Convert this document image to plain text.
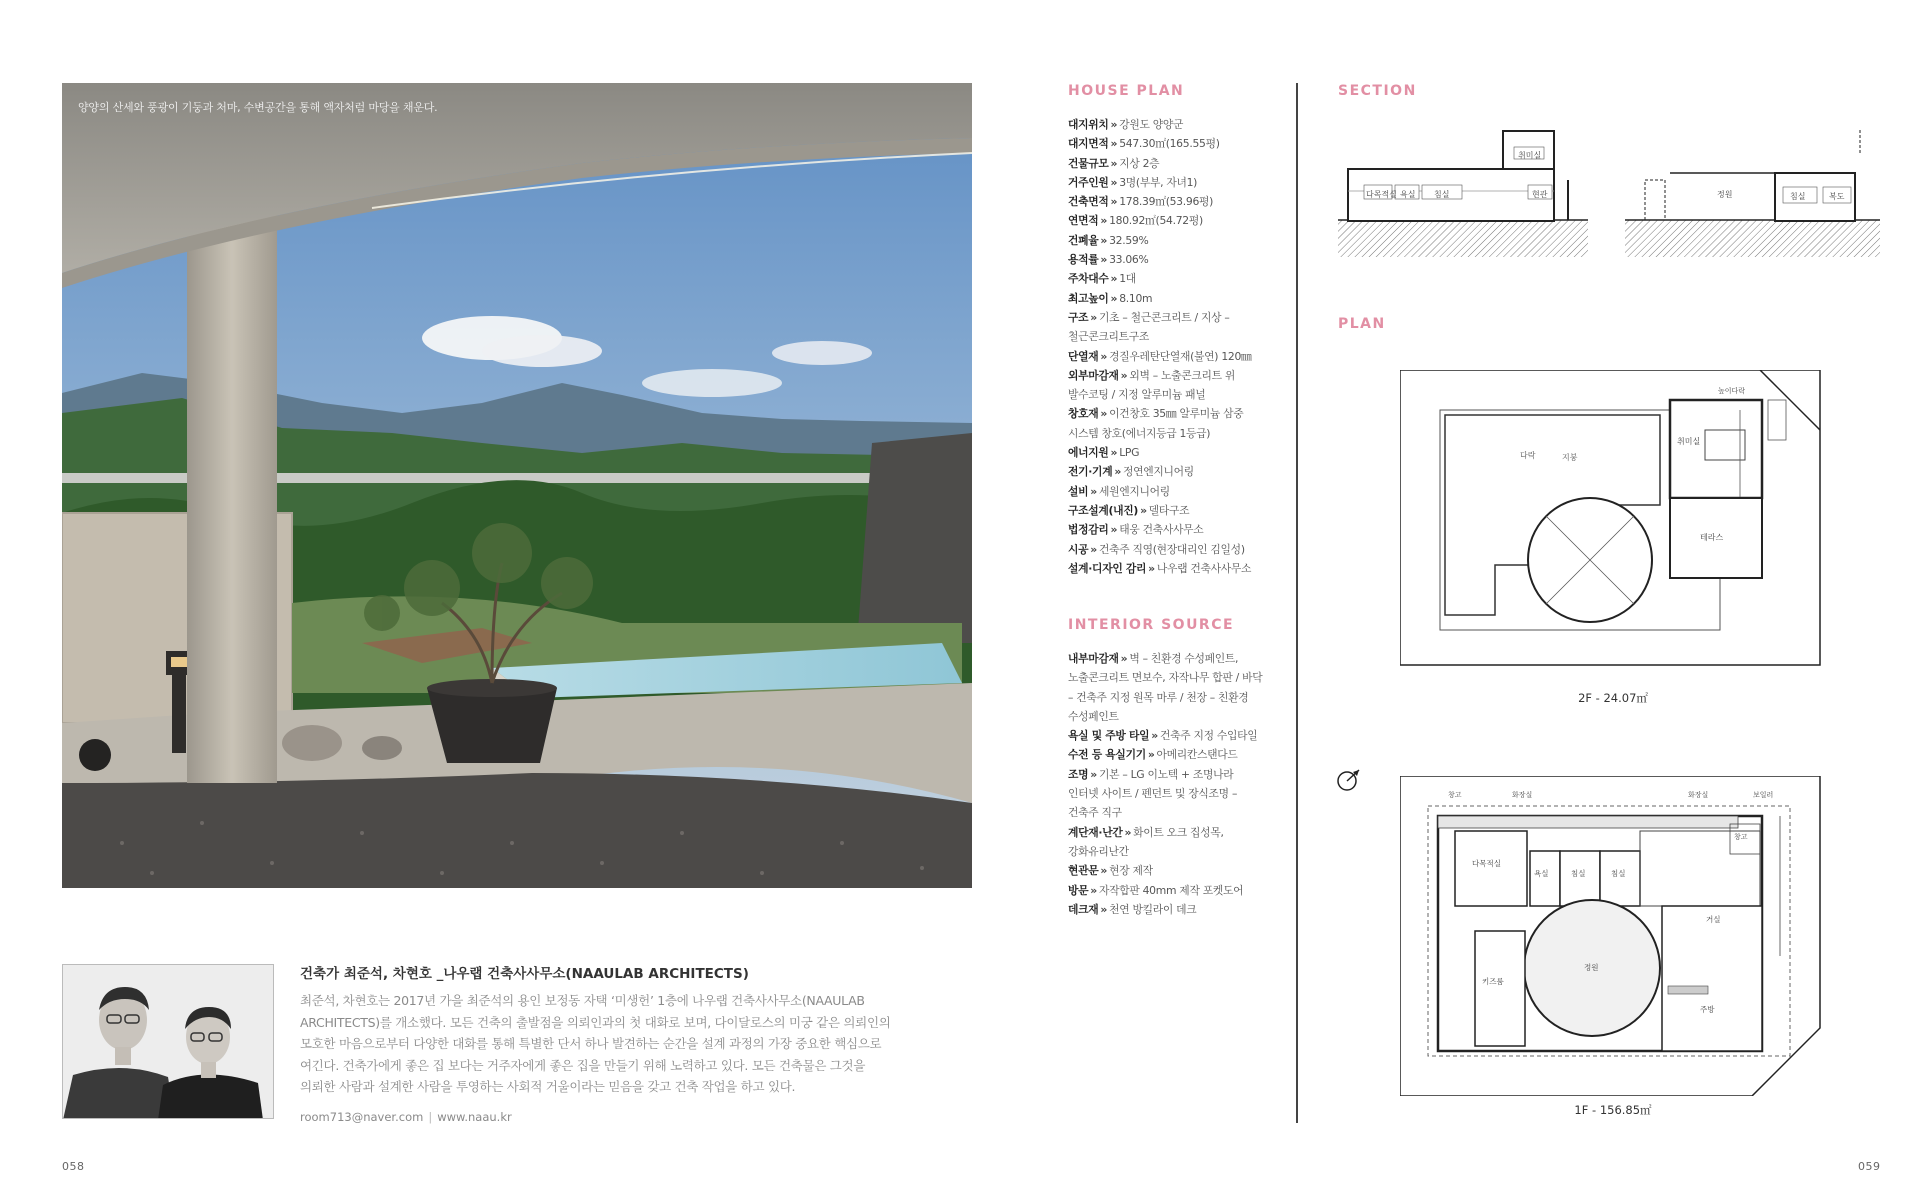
양양의 산세와 풍광이 기둥과 처마, 수변공간을 통해 액자처럼 마당을 채운다.
건축가 최준석, 차현호 _나우랩 건축사사무소(NAAULAB ARCHITECTS)
최준석, 차현호는 2017년 가을 최준석의 용인 보정동 자택 ‘미생헌’ 1층에 나우랩 건축사사무소(NAAULAB
ARCHITECTS)를 개소했다. 모든 건축의 출발점을 의뢰인과의 첫 대화로 보며, 다이달로스의 미궁 같은 의뢰인의
모호한 마음으로부터 다양한 대화를 통해 특별한 단서 하나 발견하는 순간을 설계 과정의 가장 중요한 핵심으로
여긴다. 건축가에게 좋은 집 보다는 거주자에게 좋은 집을 만들기 위해 노력하고 있다. 모든 건축물은 그것을
의뢰한 사람과 설계한 사람을 투영하는 사회적 거울이라는 믿음을 갖고 건축 작업을 하고 있다.
room713@naver.com | www.naau.kr
058
HOUSE PLAN
대지위치 » 강원도 양양군
대지면적 » 547.30㎡(165.55평)
건물규모 » 지상 2층
거주인원 » 3명(부부, 자녀1)
건축면적 » 178.39㎡(53.96평)
연면적 » 180.92㎡(54.72평)
건폐율 » 32.59%
용적률 » 33.06%
주차대수 » 1대
최고높이 » 8.10m
구조 » 기초 – 철근콘크리트 / 지상 –
철근콘크리트구조
단열재 » 경질우레탄단열재(불연) 120㎜
외부마감재 » 외벽 – 노출콘크리트 위
발수코팅 / 지정 알루미늄 패널
창호재 » 이건창호 35㎜ 알루미늄 삼중
시스템 창호(에너지등급 1등급)
에너지원 » LPG
전기·기계 » 정연엔지니어링
설비 » 세원엔지니어링
구조설계(내진) » 델타구조
법정감리 » 태웅 건축사사무소
시공 » 건축주 직영(현장대리인 김일성)
설계·디자인 감리 » 나우랩 건축사사무소
INTERIOR SOURCE
내부마감재 » 벽 – 친환경 수성페인트,
노출콘크리트 면보수, 자작나무 합판 / 바닥
– 건축주 지정 원목 마루 / 천장 – 친환경
수성페인트
욕실 및 주방 타일 » 건축주 지정 수입타일
수전 등 욕실기기 » 아메리칸스탠다드
조명 » 기본 – LG 이노텍 + 조명나라
인터넷 사이트 / 펜던트 및 장식조명 –
건축주 직구
계단재·난간 » 화이트 오크 집성목,
강화유리난간
현관문 » 현장 제작
방문 » 자작합판 40mm 제작 포켓도어
데크재 » 천연 방킬라이 데크
SECTION
다목적실 욕실 침실
취미실
현관	정원	침실	복도
PLAN
다락	지붕
취미실
테라스
높이다락
2F - 24.07㎡
창고	화장실
다목적실
욕실	침실	침실
화장실	보일러
창고
정원
키즈룸
거실
주방
1F - 156.85㎡
059
